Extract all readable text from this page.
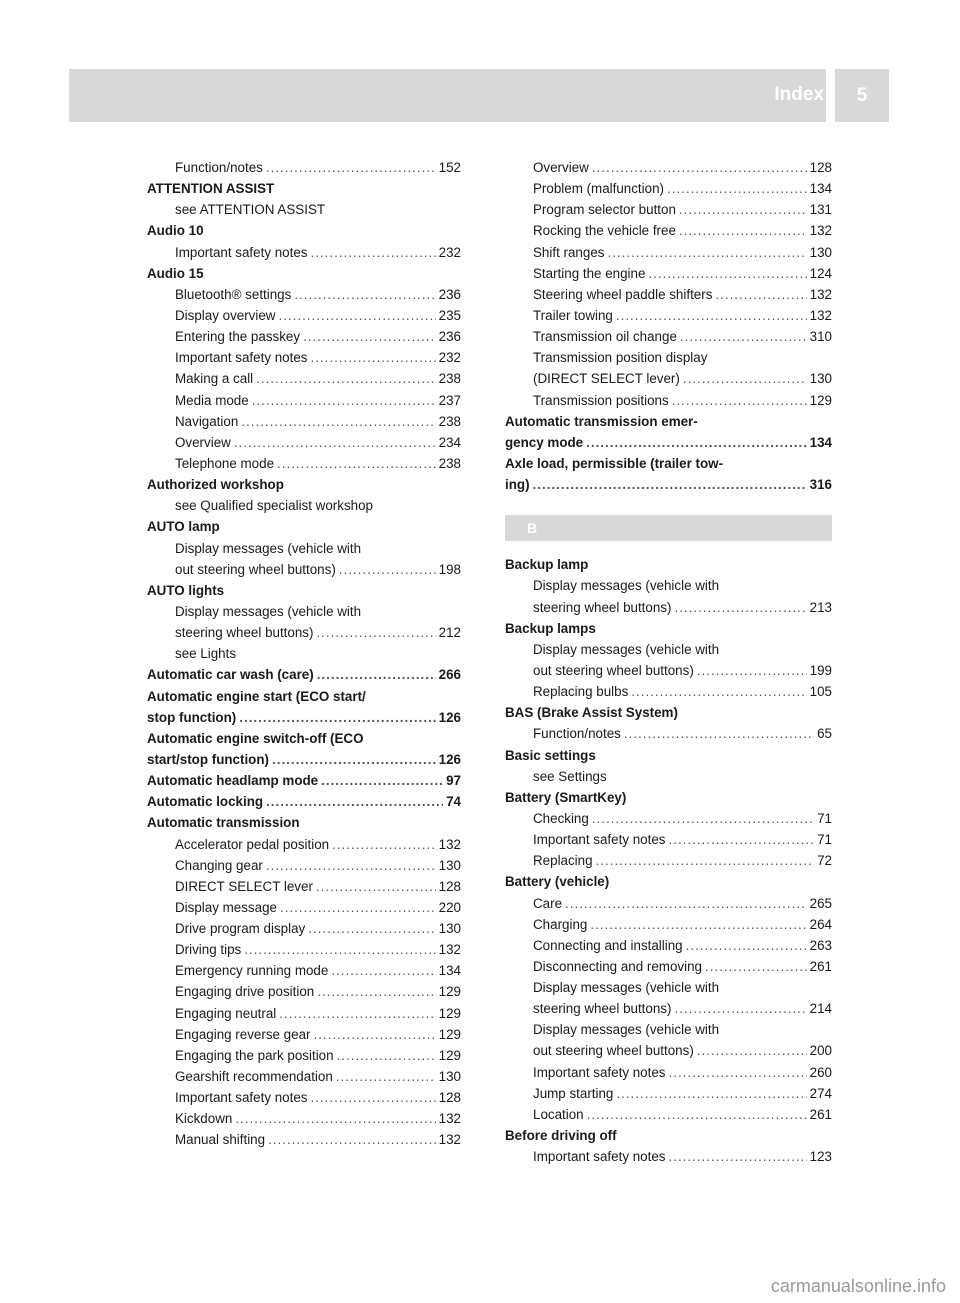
Index	5
Function/notes .....	152
ATTENTION ASSIST
see ATTENTION ASSIST
Audio 10
Important safety notes .....	232
Audio 15
Bluetooth® settings .....	236
Display overview .....	235
Entering the passkey .....	236
Important safety notes .....	232
Making a call .....	238
Media mode .....	237
Navigation .....	238
Overview .....	234
Telephone mode .....	238
Authorized workshop
see Qualified specialist workshop
AUTO lamp
Display messages (vehicle with
out steering wheel buttons) .....	198
AUTO lights
Display messages (vehicle with
steering wheel buttons) .....	212
see Lights
Automatic car wash (care) .....	266
Automatic engine start (ECO start/
stop function) .....	126
Automatic engine switch-off (ECO
start/stop function) .....	126
Automatic headlamp mode .....	97
Automatic locking .....	74
Automatic transmission
Accelerator pedal position .....	132
Changing gear .....	130
DIRECT SELECT lever .....	128
Display message .....	220
Drive program display .....	130
Driving tips .....	132
Emergency running mode .....	134
Engaging drive position .....	129
Engaging neutral .....	129
Engaging reverse gear .....	129
Engaging the park position .....	129
Gearshift recommendation .....	130
Important safety notes .....	128
Kickdown .....	132
Manual shifting .....	132
Overview .....	128
Problem (malfunction) .....	134
Program selector button .....	131
Rocking the vehicle free .....	132
Shift ranges .....	130
Starting the engine .....	124
Steering wheel paddle shifters .....	132
Trailer towing .....	132
Transmission oil change .....	310
Transmission position display
(DIRECT SELECT lever) .....	130
Transmission positions .....	129
Automatic transmission emer-
gency mode .....	134
Axle load, permissible (trailer tow-
ing) .....	316
B
Backup lamp
Display messages (vehicle with
steering wheel buttons) .....	213
Backup lamps
Display messages (vehicle with
out steering wheel buttons) .....	199
Replacing bulbs .....	105
BAS (Brake Assist System)
Function/notes .....	65
Basic settings
see Settings
Battery (SmartKey)
Checking .....	71
Important safety notes .....	71
Replacing .....	72
Battery (vehicle)
Care .....	265
Charging .....	264
Connecting and installing .....	263
Disconnecting and removing .....	261
Display messages (vehicle with
steering wheel buttons) .....	214
Display messages (vehicle with
out steering wheel buttons) .....	200
Important safety notes .....	260
Jump starting .....	274
Location .....	261
Before driving off
Important safety notes .....	123
carmanualsonline.info
